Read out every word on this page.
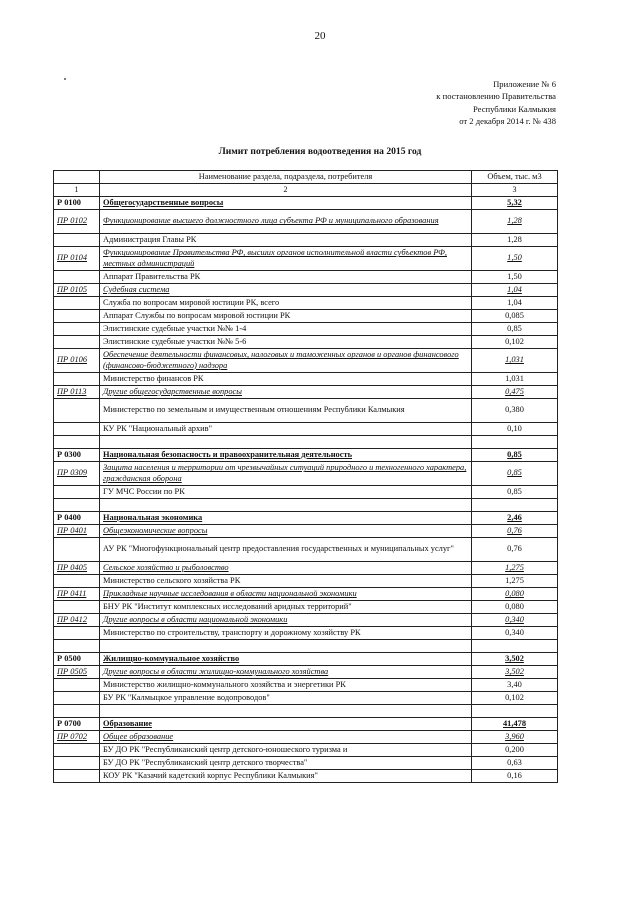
20
Приложение № 6
к постановлению Правительства
Республики Калмыкия
от 2 декабря 2014 г. № 438
Лимит потребления водоотведения на 2015 год
	Наименование раздела, подраздела, потребителя	Объем, тыс. м3
1	2	3
Р 0100	Общегосударственные вопросы	5,32
ПР 0102	Функционирование высшего должностного лица субъекта РФ и муниципального образования	1,28
	Администрация Главы РК	1,28
ПР 0104	Функционирование Правительства РФ, высших органов исполнительной власти субъектов РФ, местных администраций	1,50
	Аппарат Правительства РК	1,50
ПР 0105	Судебная система	1,04
	Служба по вопросам мировой юстиции РК, всего	1,04
	Аппарат Службы по вопросам мировой юстиции РК	0,085
	Элистинские судебные участки №№ 1-4	0,85
	Элистинские судебные участки №№ 5-6	0,102
ПР 0106	Обеспечение деятельности финансовых, налоговых и таможенных органов и органов финансового (финансово-бюджетного) надзора	1,031
	Министерство финансов РК	1,031
ПР 0113	Другие общегосударственные вопросы	0,475
	Министерство по земельным и имущественным отношениям Республики Калмыкия	0,380
	КУ РК "Национальный архив"	0,10

Р 0300	Национальная безопасность и правоохранительная деятельность	0,85
ПР 0309	Защита населения и территории от чрезвычайных ситуаций природного и техногенного характера, гражданская оборона	0,85
	ГУ МЧС России по РК	0,85

Р 0400	Национальная экономика	2,46
ПР 0401	Общеэкономические вопросы	0,76
	АУ РК "Многофункциональный центр предоставления государственных и муниципальных услуг"	0,76
ПР 0405	Сельское хозяйство и рыболовство	1,275
	Министерство сельского хозяйства РК	1,275
ПР 0411	Прикладные научные исследования в области национальной экономики	0,080
	БНУ РК "Институт комплексных исследований аридных территорий"	0,080
ПР 0412	Другие вопросы в области национальной экономики	0,340
	Министерство по строительству, транспорту и дорожному хозяйству РК	0,340

Р 0500	Жилищно-коммунальное хозяйство	3,502
ПР 0505	Другие вопросы в области жилищно-коммунального хозяйства	3,502
	Министерство жилищно-коммунального хозяйства и энергетики РК	3,40
	БУ РК "Калмыцкое управление водопроводов"	0,102

Р 0700	Образование	41,478
ПР 0702	Общее образование	3,960
	БУ ДО РК "Республиканский центр детского-юношеского туризма и	0,200
	БУ ДО РК "Республиканский центр детского творчества"	0,63
	КОУ РК "Казачий кадетский корпус Республики Калмыкия"	0,16
